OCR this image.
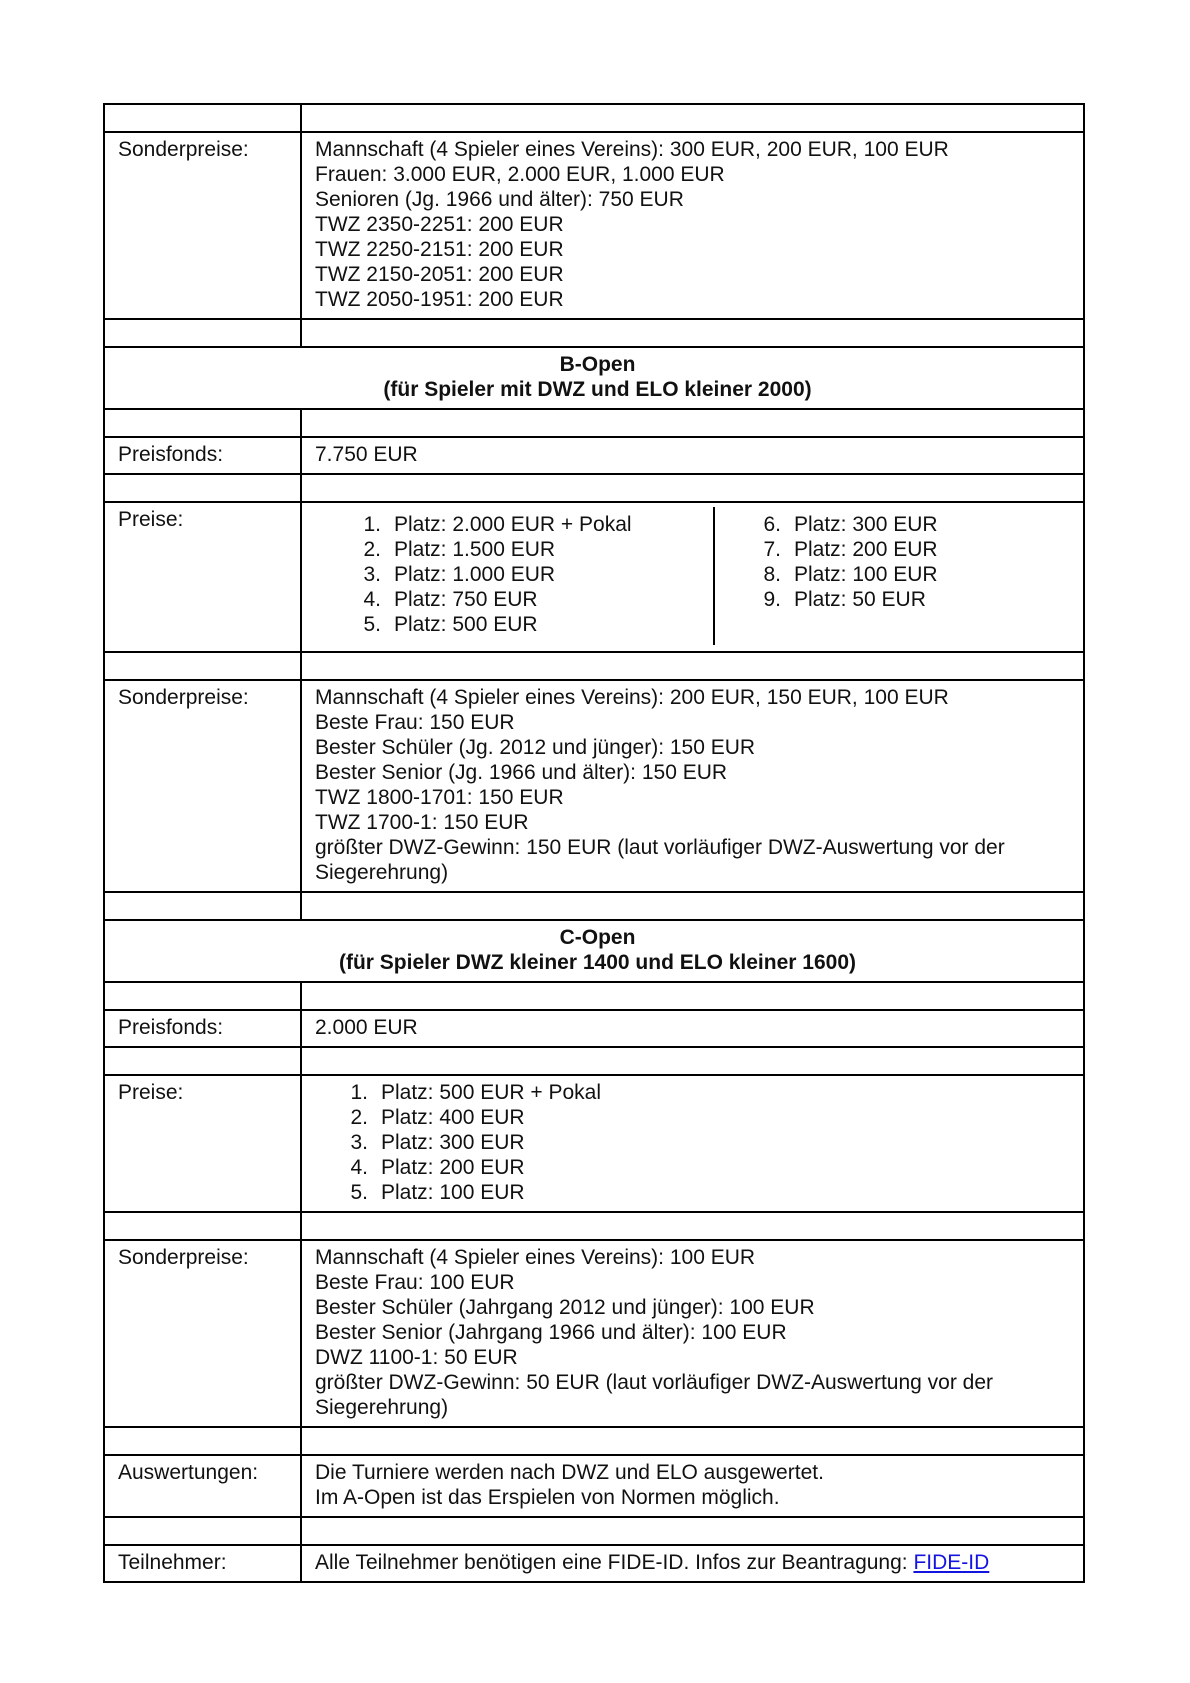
Sonderpreise:	Mannschaft (4 Spieler eines Vereins): 300 EUR, 200 EUR, 100 EUR
Frauen: 3.000 EUR, 2.000 EUR, 1.000 EUR
Senioren (Jg. 1966 und älter): 750 EUR
TWZ 2350-2251: 200 EUR
TWZ 2250-2151: 200 EUR
TWZ 2150-2051: 200 EUR
TWZ 2050-1951: 200 EUR

B-Open
(für Spieler mit DWZ und ELO kleiner 2000)	

Preisfonds:	7.750 EUR

Preise:	1. Platz: 2.000 EUR + Pokal
2. Platz: 1.500 EUR
3. Platz: 1.000 EUR
4. Platz: 750 EUR
5. Platz: 500 EUR
6. Platz: 300 EUR
7. Platz: 200 EUR
8. Platz: 100 EUR
9. Platz: 50 EUR

Sonderpreise:	Mannschaft (4 Spieler eines Vereins): 200 EUR, 150 EUR, 100 EUR
Beste Frau: 150 EUR
Bester Schüler (Jg. 2012 und jünger): 150 EUR
Bester Senior (Jg. 1966 und älter): 150 EUR
TWZ 1800-1701: 150 EUR
TWZ 1700-1: 150 EUR
größter DWZ-Gewinn: 150 EUR (laut vorläufiger DWZ-Auswertung vor der Siegerehrung)

C-Open
(für Spieler DWZ kleiner 1400 und ELO kleiner 1600)	

Preisfonds:	2.000 EUR

Preise:	1. Platz: 500 EUR + Pokal
2. Platz: 400 EUR
3. Platz: 300 EUR
4. Platz: 200 EUR
5. Platz: 100 EUR

Sonderpreise:	Mannschaft (4 Spieler eines Vereins): 100 EUR
Beste Frau: 100 EUR
Bester Schüler (Jahrgang 2012 und jünger): 100 EUR
Bester Senior (Jahrgang 1966 und älter): 100 EUR
DWZ 1100-1: 50 EUR
größter DWZ-Gewinn: 50 EUR (laut vorläufiger DWZ-Auswertung vor der Siegerehrung)

Auswertungen:	Die Turniere werden nach DWZ und ELO ausgewertet.
Im A-Open ist das Erspielen von Normen möglich.

Teilnehmer:	Alle Teilnehmer benötigen eine FIDE-ID. Infos zur Beantragung: FIDE-ID
